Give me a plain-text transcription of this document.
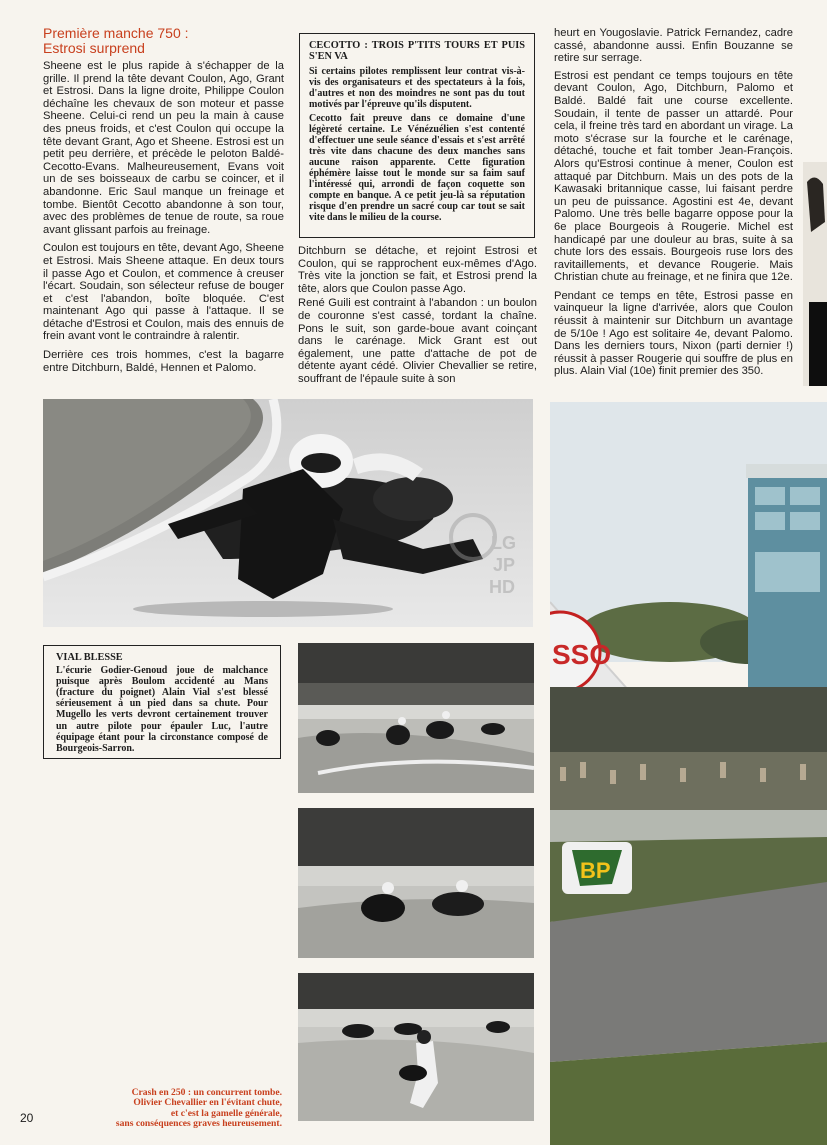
Première manche 750 :
Estrosi surprend

Sheene est le plus rapide à s'échapper de la grille. Il prend la tête devant Coulon, Ago, Grant et Estrosi. Dans la ligne droite, Philippe Coulon déchaîne les chevaux de son moteur et passe Sheene. Celui-ci rend un peu la main à cause des pneus froids, et c'est Coulon qui occupe la tête devant Grant, Ago et Sheene. Estrosi est un petit peu derrière, et précède le peloton Baldé-Cecotto-Evans. Malheureusement, Evans voit un de ses boisseaux de carbu se coincer, et il abandonne. Eric Saul manque un freinage et tombe. Bientôt Cecotto abandonne à son tour, avec des problèmes de tenue de route, sa roue avant glissant parfois au freinage.

Coulon est toujours en tête, devant Ago, Sheene et Estrosi. Mais Sheene attaque. En deux tours il passe Ago et Coulon, et commence à creuser l'écart. Soudain, son sélecteur refuse de bouger et c'est l'abandon, boîte bloquée. C'est maintenant Ago qui passe à l'attaque. Il se détache d'Estrosi et Coulon, mais des ennuis de frein avant vont le contraindre à ralentir.

Derrière ces trois hommes, c'est la bagarre entre Ditchburn, Baldé, Hennen et Palomo.

CECOTTO : TROIS P'TITS TOURS ET PUIS S'EN VA

Si certains pilotes remplissent leur contrat vis-à-vis des organisateurs et des spectateurs à la fois, d'autres et non des moindres ne sont pas du tout motivés par l'épreuve qu'ils disputent.

Cecotto fait preuve dans ce domaine d'une légèreté certaine. Le Vénézuélien s'est contenté d'effectuer une seule séance d'essais et s'est arrêté très vite dans chacune des deux manches sans aucune raison apparente. Cette figuration éphémère laisse tout le monde sur sa faim sauf l'intéressé qui, arrondi de façon coquette son compte en banque. A ce petit jeu-là sa réputation risque d'en prendre un sacré coup car tout se sait vite dans le milieu de la course.

Ditchburn se détache, et rejoint Estrosi et Coulon, qui se rapprochent eux-mêmes d'Ago. Très vite la jonction se fait, et Estrosi prend la tête, alors que Coulon passe Ago.

René Guili est contraint à l'abandon : un boulon de couronne s'est cassé, tordant la chaîne. Pons le suit, son garde-boue avant coinçant dans le carénage. Mick Grant est out également, une patte d'attache de pot de détente ayant cédé. Olivier Chevallier se retire, souffrant de l'épaule suite à son

heurt en Yougoslavie. Patrick Fernandez, cadre cassé, abandonne aussi. Enfin Bouzanne se retire sur serrage.

Estrosi est pendant ce temps toujours en tête devant Coulon, Ago, Ditchburn, Palomo et Baldé. Baldé fait une course excellente. Soudain, il tente de passer un attardé. Pour cela, il freine très tard en abordant un virage. La moto s'écrase sur la fourche et le carénage, détaché, touche et fait tomber Jean-François. Alors qu'Estrosi continue à mener, Coulon est attaqué par Ditchburn. Mais un des pots de la Kawasaki britannique casse, lui faisant perdre un peu de puissance. Agostini est 4e, devant Palomo. Une très belle bagarre oppose pour la 6e place Bourgeois à Rougerie. Michel est handicapé par une douleur au bras, suite à sa chute lors des essais. Bourgeois ruse lors des ravitaillements, et devance Rougerie. Mais Christian chute au freinage, et ne finira que 12e.

Pendant ce temps en tête, Estrosi passe en vainqueur la ligne d'arrivée, alors que Coulon réussit à maintenir sur Ditchburn un avantage de 5/10e ! Ago est solitaire 4e, devant Palomo. Dans les derniers tours, Nixon (parti dernier !) réussit à passer Rougerie qui souffre de plus en plus. Alain Vial (10e) finit premier des 350.

LG
JP
HD
VIAL BLESSE

L'écurie Godier-Genoud joue de malchance puisque après Boulom accidenté au Mans (fracture du poignet) Alain Vial s'est blessé sérieusement à un pied dans sa chute. Pour Mugello les verts devront certainement trouver un autre pilote pour épauler Luc, l'autre équipage étant pour la circonstance composé de Bourgeois-Sarron.

Crash en 250 : un concurrent tombe.
Olivier Chevallier en l'évitant chute,
et c'est la gamelle générale,
sans conséquences graves heureusement.
SSO
BP
20
